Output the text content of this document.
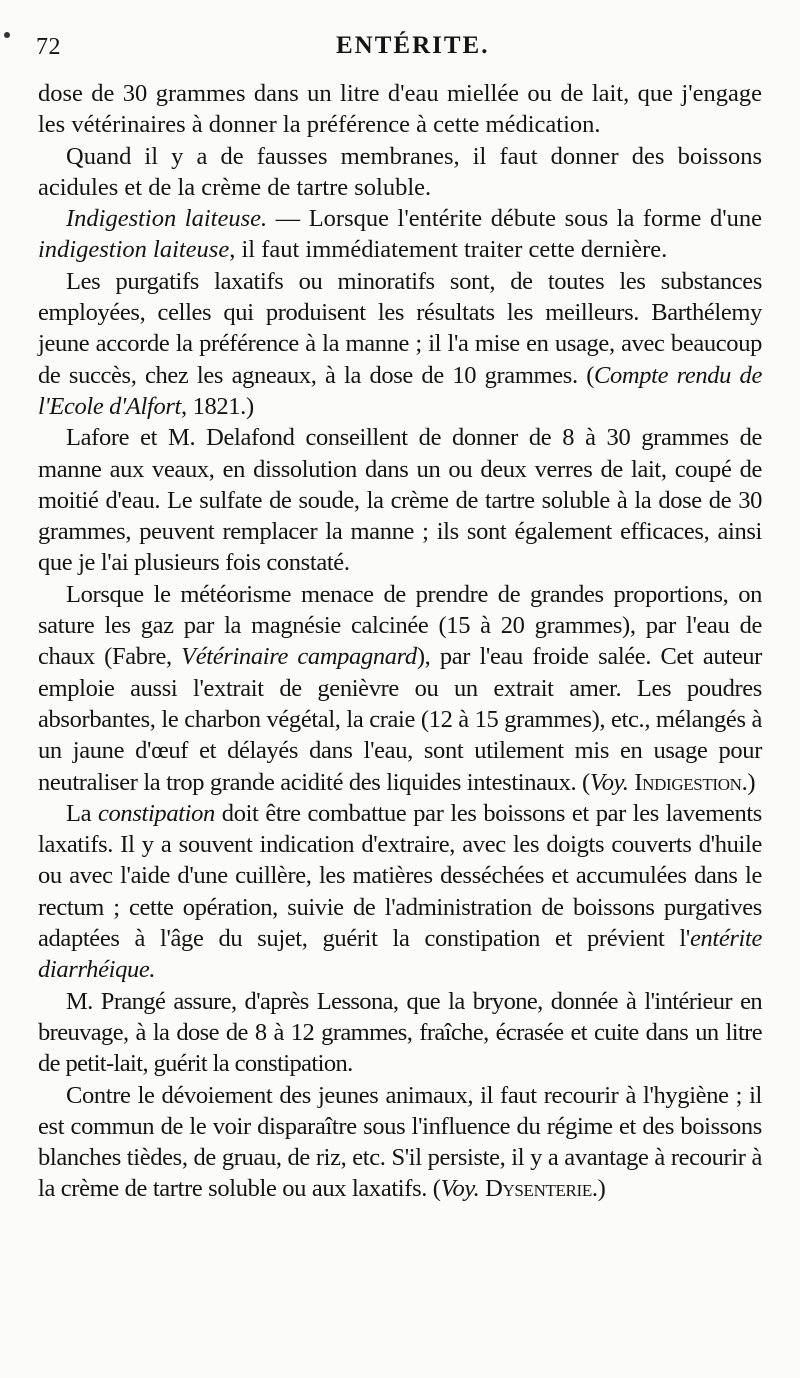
72	ENTÉRITE.

dose de 30 grammes dans un litre d'eau miellée ou de lait, que j'engage les vétérinaires à donner la préférence à cette médication.

Quand il y a de fausses membranes, il faut donner des boissons acidules et de la crème de tartre soluble.

Indigestion laiteuse. — Lorsque l'entérite débute sous la forme d'une indigestion laiteuse, il faut immédiatement traiter cette dernière.

Les purgatifs laxatifs ou minoratifs sont, de toutes les substances employées, celles qui produisent les résultats les meilleurs. Barthélemy jeune accorde la préférence à la manne ; il l'a mise en usage, avec beaucoup de succès, chez les agneaux, à la dose de 10 grammes. (Compte rendu de l'Ecole d'Alfort, 1821.)

Lafore et M. Delafond conseillent de donner de 8 à 30 grammes de manne aux veaux, en dissolution dans un ou deux verres de lait, coupé de moitié d'eau. Le sulfate de soude, la crème de tartre soluble à la dose de 30 grammes, peuvent remplacer la manne ; ils sont également efficaces, ainsi que je l'ai plusieurs fois constaté.

Lorsque le météorisme menace de prendre de grandes proportions, on sature les gaz par la magnésie calcinée (15 à 20 grammes), par l'eau de chaux (Fabre, Vétérinaire campagnard), par l'eau froide salée. Cet auteur emploie aussi l'extrait de genièvre ou un extrait amer. Les poudres absorbantes, le charbon végétal, la craie (12 à 15 grammes), etc., mélangés à un jaune d'œuf et délayés dans l'eau, sont utilement mis en usage pour neutraliser la trop grande acidité des liquides intestinaux. (Voy. Indigestion.)

La constipation doit être combattue par les boissons et par les lavements laxatifs. Il y a souvent indication d'extraire, avec les doigts couverts d'huile ou avec l'aide d'une cuillère, les matières desséchées et accumulées dans le rectum ; cette opération, suivie de l'administration de boissons purgatives adaptées à l'âge du sujet, guérit la constipation et prévient l'entérite diarrhéique.

M. Prangé assure, d'après Lessona, que la bryone, donnée à l'intérieur en breuvage, à la dose de 8 à 12 grammes, fraîche, écrasée et cuite dans un litre de petit-lait, guérit la constipation.

Contre le dévoiement des jeunes animaux, il faut recourir à l'hygiène ; il est commun de le voir disparaître sous l'influence du régime et des boissons blanches tièdes, de gruau, de riz, etc. S'il persiste, il y a avantage à recourir à la crème de tartre soluble ou aux laxatifs. (Voy. Dysenterie.)
